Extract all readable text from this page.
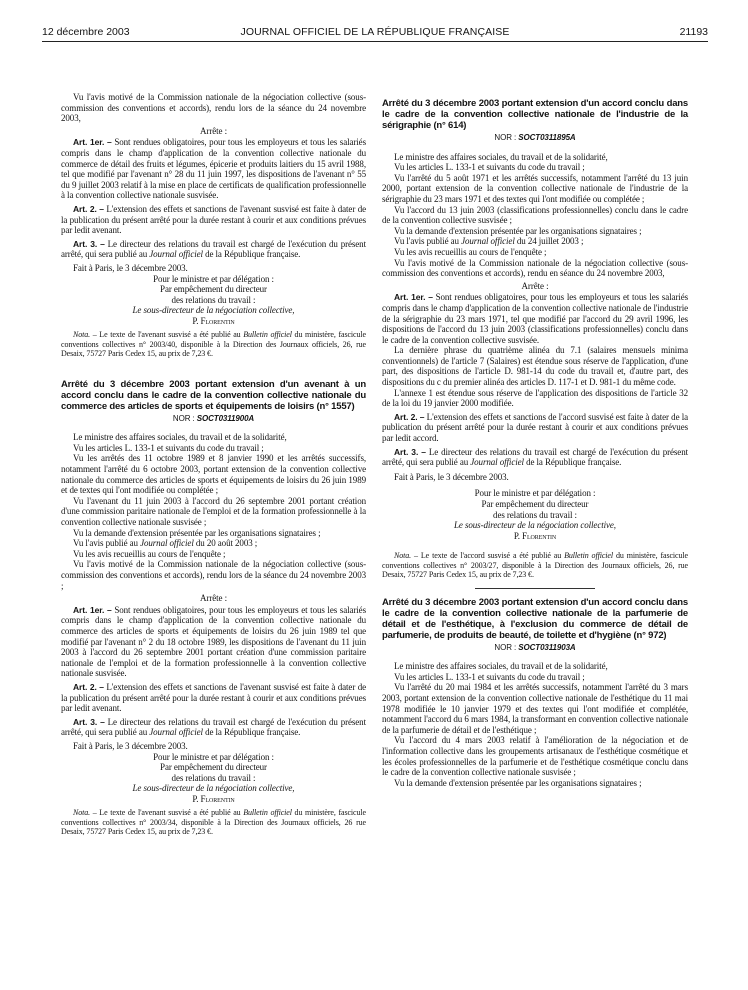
12 décembre 2003	JOURNAL OFFICIEL DE LA RÉPUBLIQUE FRANÇAISE	21193

Vu l'avis motivé de la Commission nationale de la négociation collective (sous-commission des conventions et accords), rendu lors de la séance du 24 novembre 2003,

Arrête :

Art. 1er. – Sont rendues obligatoires, pour tous les employeurs et tous les salariés compris dans le champ d'application de la convention collective nationale du commerce de détail des fruits et légumes, épicerie et produits laitiers du 15 avril 1988, tel que modifié par l'avenant n° 28 du 11 juin 1997, les dispositions de l'avenant n° 55 du 9 juillet 2003 relatif à la mise en place de certificats de qualification professionnelle à la convention collective nationale susvisée.

Art. 2. – L'extension des effets et sanctions de l'avenant susvisé est faite à dater de la publication du présent arrêté pour la durée restant à courir et aux conditions prévues par ledit avenant.

Art. 3. – Le directeur des relations du travail est chargé de l'exécution du présent arrêté, qui sera publié au Journal officiel de la République française.

Fait à Paris, le 3 décembre 2003.

Pour le ministre et par délégation :
Par empêchement du directeur
des relations du travail :
Le sous-directeur de la négociation collective,
P. Florentin

Nota. – Le texte de l'avenant susvisé a été publié au Bulletin officiel du ministère, fascicule conventions collectives n° 2003/40, disponible à la Direction des Journaux officiels, 26, rue Desaix, 75727 Paris Cedex 15, au prix de 7,23 €.

Arrêté du 3 décembre 2003 portant extension d'un avenant à un accord conclu dans le cadre de la convention collective nationale du commerce des articles de sports et équipements de loisirs (n° 1557)
NOR : SOCT0311900A

Le ministre des affaires sociales, du travail et de la solidarité,

Vu les articles L. 133-1 et suivants du code du travail ;

Vu les arrêtés des 11 octobre 1989 et 8 janvier 1990 et les arrêtés successifs, notamment l'arrêté du 6 octobre 2003, portant extension de la convention collective nationale du commerce des articles de sports et équipements de loisirs du 26 juin 1989 et de textes qui l'ont modifiée ou complétée ;

Vu l'avenant du 11 juin 2003 à l'accord du 26 septembre 2001 portant création d'une commission paritaire nationale de l'emploi et de la formation professionnelle à la convention collective nationale susvisée ;

Vu la demande d'extension présentée par les organisations signataires ;

Vu l'avis publié au Journal officiel du 20 août 2003 ;

Vu les avis recueillis au cours de l'enquête ;

Vu l'avis motivé de la Commission nationale de la négociation collective (sous-commission des conventions et accords), rendu lors de la séance du 24 novembre 2003 ;

Arrête :

Art. 1er. – Sont rendues obligatoires, pour tous les employeurs et tous les salariés compris dans le champ d'application de la convention collective nationale du commerce des articles de sports et équipements de loisirs du 26 juin 1989 tel que modifié par l'avenant n° 2 du 18 octobre 1989, les dispositions de l'avenant du 11 juin 2003 à l'accord du 26 septembre 2001 portant création d'une commission paritaire nationale de l'emploi et de la formation professionnelle à la convention collective nationale susvisée.

Art. 2. – L'extension des effets et sanctions de l'avenant susvisé est faite à dater de la publication du présent arrêté pour la durée restant à courir et aux conditions prévues par ledit avenant.

Art. 3. – Le directeur des relations du travail est chargé de l'exécution du présent arrêté, qui sera publié au Journal officiel de la République française.

Fait à Paris, le 3 décembre 2003.

Pour le ministre et par délégation :
Par empêchement du directeur
des relations du travail :
Le sous-directeur de la négociation collective,
P. Florentin

Nota. – Le texte de l'avenant susvisé a été publié au Bulletin officiel du ministère, fascicule conventions collectives n° 2003/34, disponible à la Direction des Journaux officiels, 26 rue Desaix, 75727 Paris Cedex 15, au prix de 7,23 €.

Arrêté du 3 décembre 2003 portant extension d'un accord conclu dans le cadre de la convention collective nationale de l'industrie de la sérigraphie (n° 614)
NOR : SOCT0311895A

Le ministre des affaires sociales, du travail et de la solidarité,

Vu les articles L. 133-1 et suivants du code du travail ;

Vu l'arrêté du 5 août 1971 et les arrêtés successifs, notamment l'arrêté du 13 juin 2000, portant extension de la convention collective nationale de l'industrie de la sérigraphie du 23 mars 1971 et des textes qui l'ont modifiée ou complétée ;

Vu l'accord du 13 juin 2003 (classifications professionnelles) conclu dans le cadre de la convention collective susvisée ;

Vu la demande d'extension présentée par les organisations signataires ;

Vu l'avis publié au Journal officiel du 24 juillet 2003 ;

Vu les avis recueillis au cours de l'enquête ;

Vu l'avis motivé de la Commission nationale de la négociation collective (sous-commission des conventions et accords), rendu en séance du 24 novembre 2003,

Arrête :

Art. 1er. – Sont rendues obligatoires, pour tous les employeurs et tous les salariés compris dans le champ d'application de la convention collective nationale de l'industrie de la sérigraphie du 23 mars 1971, tel que modifié par l'accord du 29 avril 1996, les dispositions de l'accord du 13 juin 2003 (classifications professionnelles) conclu dans le cadre de la convention collective susvisée.

La dernière phrase du quatrième alinéa du 7.1 (salaires mensuels minima conventionnels) de l'article 7 (Salaires) est étendue sous réserve de l'application, d'une part, des dispositions de l'article D. 981-14 du code du travail et, d'autre part, des dispositions du c du premier alinéa des articles D. 117-1 et D. 981-1 du même code.

L'annexe 1 est étendue sous réserve de l'application des dispositions de l'article 32 de la loi du 19 janvier 2000 modifiée.

Art. 2. – L'extension des effets et sanctions de l'accord susvisé est faite à dater de la publication du présent arrêté pour la durée restant à courir et aux conditions prévues par ledit accord.

Art. 3. – Le directeur des relations du travail est chargé de l'exécution du présent arrêté, qui sera publié au Journal officiel de la République française.

Fait à Paris, le 3 décembre 2003.

Pour le ministre et par délégation :
Par empêchement du directeur
des relations du travail :
Le sous-directeur de la négociation collective,
P. Florentin

Nota. – Le texte de l'accord susvisé a été publié au Bulletin officiel du ministère, fascicule conventions collectives n° 2003/27, disponible à la Direction des Journaux officiels, 26, rue Desaix, 75727 Paris Cedex 15, au prix de 7,23 €.

Arrêté du 3 décembre 2003 portant extension d'un accord conclu dans le cadre de la convention collective nationale de la parfumerie de détail et de l'esthétique, à l'exclusion du commerce de détail de parfumerie, de produits de beauté, de toilette et d'hygiène (n° 972)
NOR : SOCT0311903A

Le ministre des affaires sociales, du travail et de la solidarité,

Vu les articles L. 133-1 et suivants du code du travail ;

Vu l'arrêté du 20 mai 1984 et les arrêtés successifs, notamment l'arrêté du 3 mars 2003, portant extension de la convention collective nationale de l'esthétique du 11 mai 1978 modifiée le 10 janvier 1979 et des textes qui l'ont modifiée et complétée, notamment l'accord du 6 mars 1984, la transformant en convention collective nationale de la parfumerie de détail et de l'esthétique ;

Vu l'accord du 4 mars 2003 relatif à l'amélioration de la négociation et de l'information collective dans les groupements artisanaux de l'esthétique cosmétique et les écoles professionnelles de la parfumerie et de l'esthétique cosmétique conclu dans le cadre de la convention collective nationale susvisée ;

Vu la demande d'extension présentée par les organisations signataires ;
